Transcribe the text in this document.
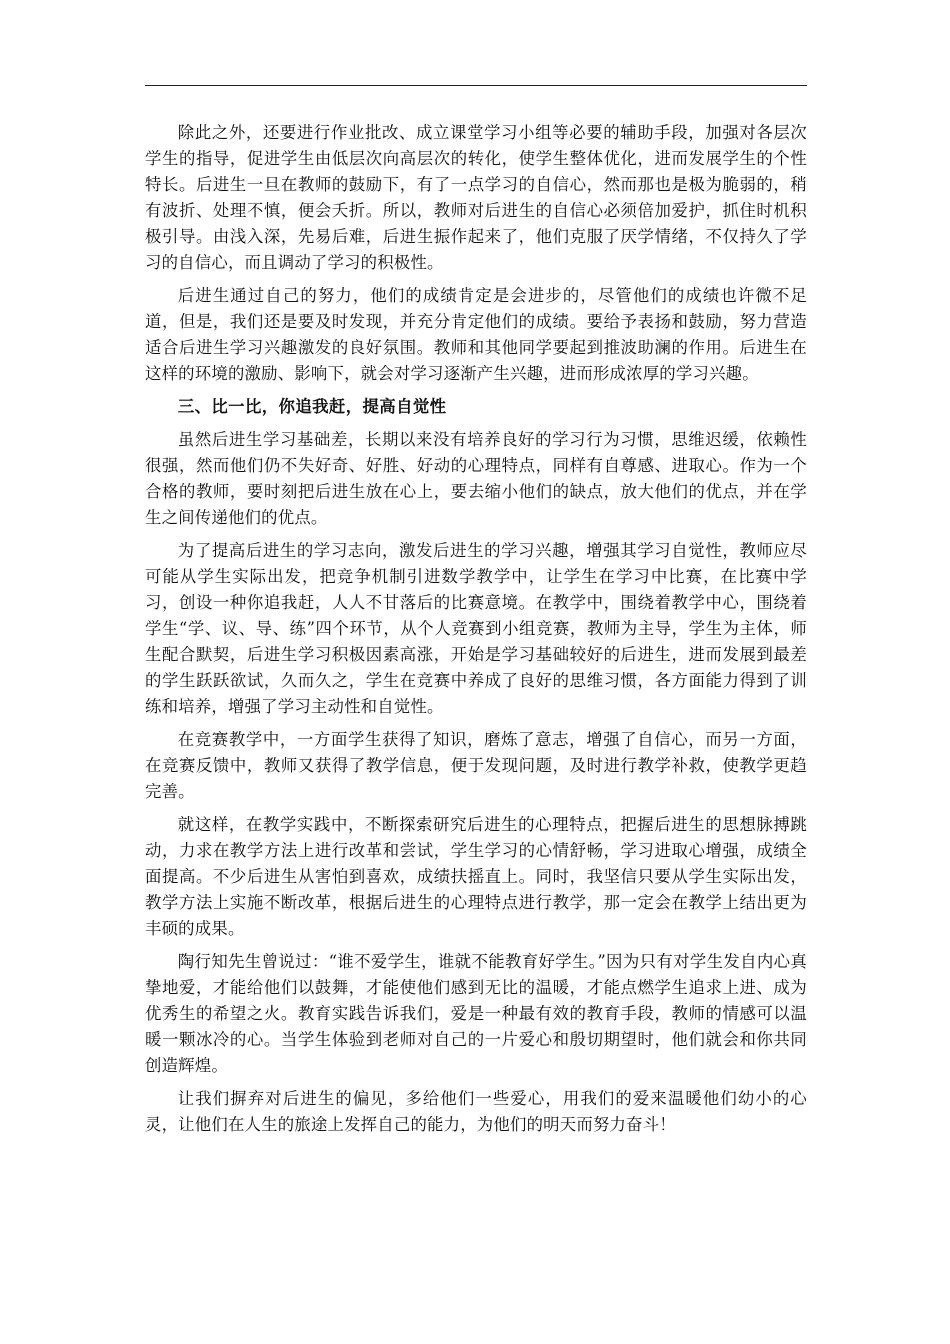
除此之外，还要进行作业批改、成立课堂学习小组等必要的辅助手段，加强对各层次学生的指导，促进学生由低层次向高层次的转化，使学生整体优化，进而发展学生的个性特长。后进生一旦在教师的鼓励下，有了一点学习的自信心，然而那也是极为脆弱的，稍有波折、处理不慎，便会夭折。所以，教师对后进生的自信心必须倍加爱护，抓住时机积极引导。由浅入深，先易后难，后进生振作起来了，他们克服了厌学情绪，不仅持久了学习的自信心，而且调动了学习的积极性。

后进生通过自己的努力，他们的成绩肯定是会进步的，尽管他们的成绩也许微不足道，但是，我们还是要及时发现，并充分肯定他们的成绩。要给予表扬和鼓励，努力营造适合后进生学习兴趣激发的良好氛围。教师和其他同学要起到推波助澜的作用。后进生在这样的环境的激励、影响下，就会对学习逐渐产生兴趣，进而形成浓厚的学习兴趣。

三、比一比，你追我赶，提高自觉性

虽然后进生学习基础差，长期以来没有培养良好的学习行为习惯，思维迟缓，依赖性很强，然而他们仍不失好奇、好胜、好动的心理特点，同样有自尊感、进取心。作为一个合格的教师，要时刻把后进生放在心上，要去缩小他们的缺点，放大他们的优点，并在学生之间传递他们的优点。

为了提高后进生的学习志向，激发后进生的学习兴趣，增强其学习自觉性，教师应尽可能从学生实际出发，把竞争机制引进数学教学中，让学生在学习中比赛，在比赛中学习，创设一种你追我赶，人人不甘落后的比赛意境。在教学中，围绕着教学中心，围绕着学生“学、议、导、练”四个环节，从个人竞赛到小组竞赛，教师为主导，学生为主体，师生配合默契，后进生学习积极因素高涨，开始是学习基础较好的后进生，进而发展到最差的学生跃跃欲试，久而久之，学生在竞赛中养成了良好的思维习惯，各方面能力得到了训练和培养，增强了学习主动性和自觉性。

在竞赛教学中，一方面学生获得了知识，磨炼了意志，增强了自信心，而另一方面，在竞赛反馈中，教师又获得了教学信息，便于发现问题，及时进行教学补救，使教学更趋完善。

就这样，在教学实践中，不断探索研究后进生的心理特点，把握后进生的思想脉搏跳动，力求在教学方法上进行改革和尝试，学生学习的心情舒畅，学习进取心增强，成绩全面提高。不少后进生从害怕到喜欢，成绩扶摇直上。同时，我坚信只要从学生实际出发，教学方法上实施不断改革，根据后进生的心理特点进行教学，那一定会在教学上结出更为丰硕的成果。

陶行知先生曾说过：“谁不爱学生，谁就不能教育好学生。”因为只有对学生发自内心真挚地爱，才能给他们以鼓舞，才能使他们感到无比的温暖，才能点燃学生追求上进、成为优秀生的希望之火。教育实践告诉我们，爱是一种最有效的教育手段，教师的情感可以温暖一颗冰冷的心。当学生体验到老师对自己的一片爱心和殷切期望时，他们就会和你共同创造辉煌。

让我们摒弃对后进生的偏见，多给他们一些爱心，用我们的爱来温暖他们幼小的心灵，让他们在人生的旅途上发挥自己的能力，为他们的明天而努力奋斗！
